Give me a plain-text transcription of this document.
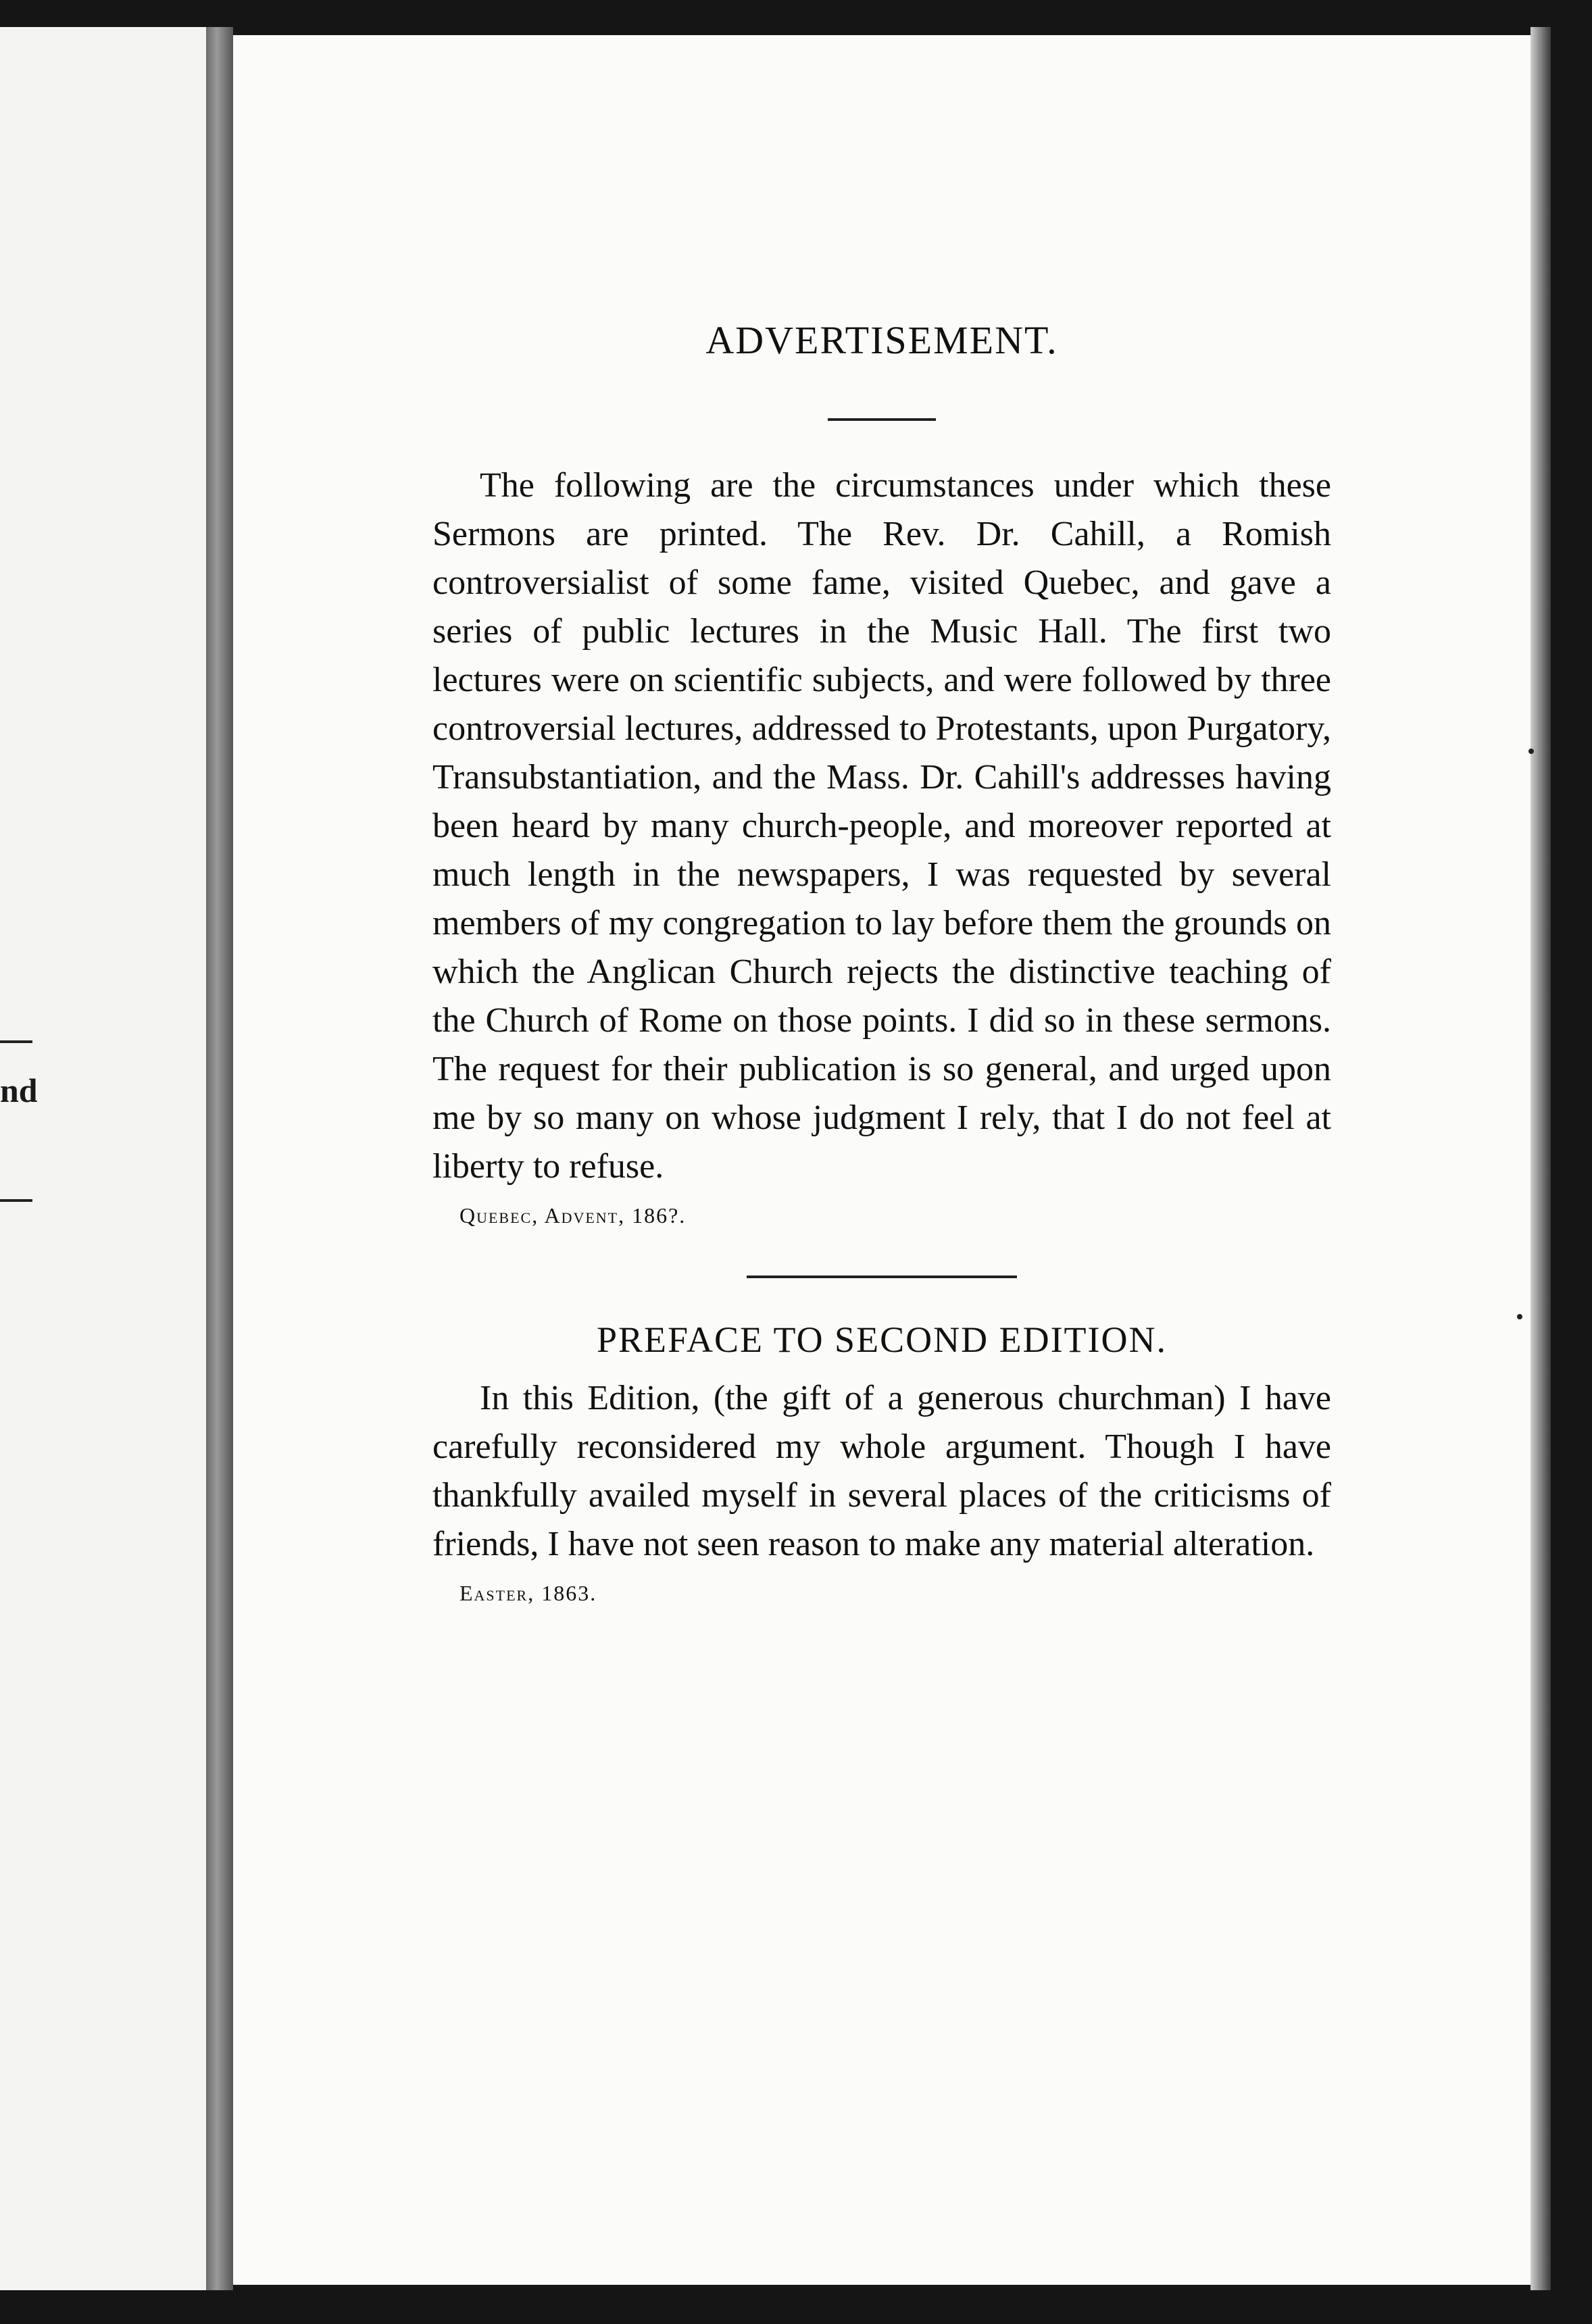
nd
ADVERTISEMENT.

The following are the circumstances under which these Sermons are printed. The Rev. Dr. Cahill, a Romish controversialist of some fame, visited Quebec, and gave a series of public lectures in the Music Hall. The first two lectures were on scientific subjects, and were followed by three controversial lectures, addressed to Protestants, upon Purgatory, Transubstantiation, and the Mass. Dr. Cahill's addresses having been heard by many church-people, and moreover reported at much length in the newspapers, I was requested by several members of my congregation to lay before them the grounds on which the Anglican Church rejects the distinctive teaching of the Church of Rome on those points. I did so in these sermons. The request for their publication is so general, and urged upon me by so many on whose judgment I rely, that I do not feel at liberty to refuse.

Quebec, Advent, 186?.
PREFACE TO SECOND EDITION.

In this Edition, (the gift of a generous churchman) I have carefully reconsidered my whole argument. Though I have thankfully availed myself in several places of the criticisms of friends, I have not seen reason to make any material alteration.

Easter, 1863.
